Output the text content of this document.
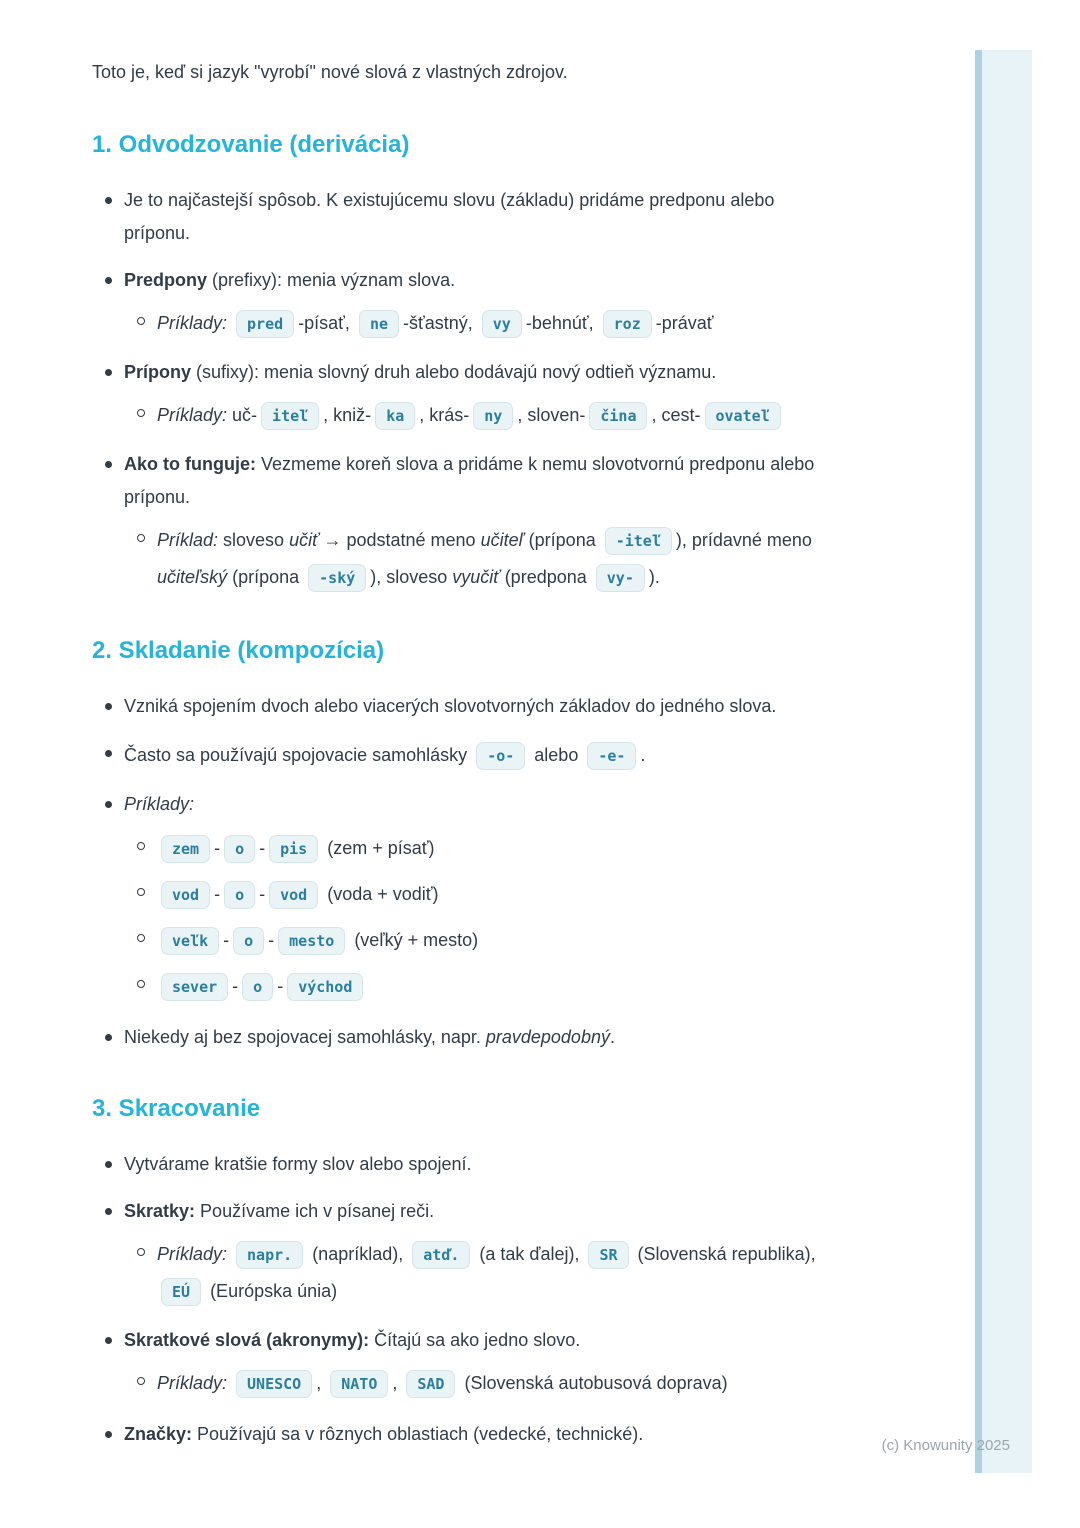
Toto je, keď si jazyk "vyrobí" nové slová z vlastných zdrojov.

1. Odvodzovanie (derivácia)

Je to najčastejší spôsob. K existujúcemu slovu (základu) pridáme predponu alebo príponu.

Predpony (prefixy): menia význam slova.

Príklady: pred -písať, ne -šťastný, vy -behnúť, roz -právať

Prípony (sufixy): menia slovný druh alebo dodávajú nový odtieň významu.

Príklady: uč- iteľ , kniž- ka , krás- ny , sloven- čina , cest- ovateľ

Ako to funguje: Vezmeme koreň slova a pridáme k nemu slovotvornú predponu alebo príponu.

Príklad: sloveso učiť → podstatné meno učiteľ (prípona -iteľ ), prídavné meno učiteľský (prípona -ský ), sloveso vyučiť (predpona vy- ).

2. Skladanie (kompozícia)

Vzniká spojením dvoch alebo viacerých slovotvorných základov do jedného slova.

Často sa používajú spojovacie samohlásky -o- alebo -e- .

Príklady:

zem - o - pis (zem + písať)

vod - o - vod (voda + vodiť)

veľk - o - mesto (veľký + mesto)

sever - o - východ

Niekedy aj bez spojovacej samohlásky, napr. pravdepodobný.

3. Skracovanie

Vytvárame kratšie formy slov alebo spojení.

Skratky: Používame ich v písanej reči.

Príklady: napr. (napríklad), atď. (a tak ďalej), SR (Slovenská republika), EÚ (Európska únia)

Skratkové slová (akronymy): Čítajú sa ako jedno slovo.

Príklady: UNESCO , NATO , SAD (Slovenská autobusová doprava)

Značky: Používajú sa v rôznych oblastiach (vedecké, technické).

(c) Knowunity 2025
